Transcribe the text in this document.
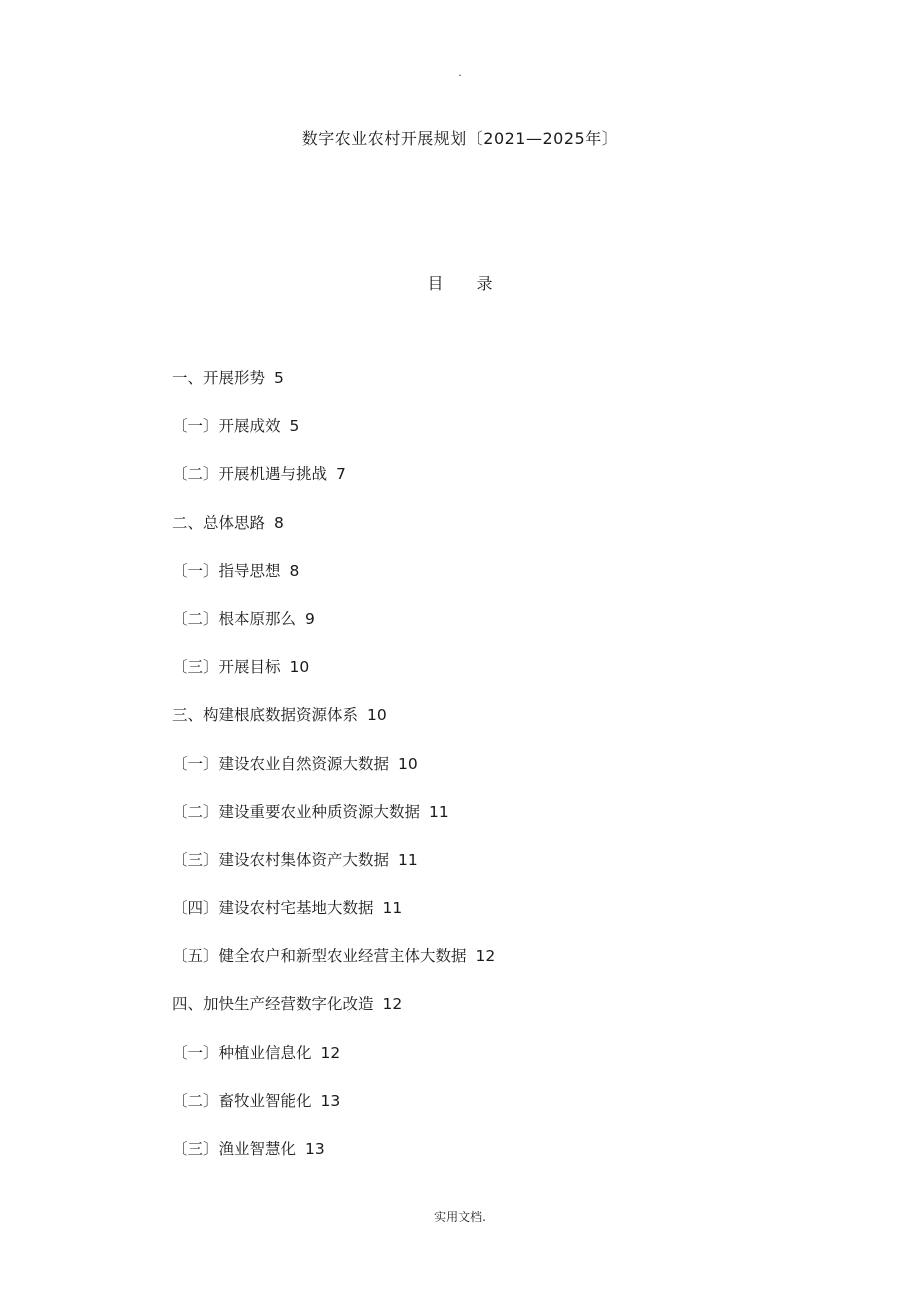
.
数字农业农村开展规划〔2021—2025年〕
目 录
一、开展形势 5
〔一〕开展成效 5
〔二〕开展机遇与挑战 7
二、总体思路 8
〔一〕指导思想 8
〔二〕根本原那么 9
〔三〕开展目标 10
三、构建根底数据资源体系 10
〔一〕建设农业自然资源大数据 10
〔二〕建设重要农业种质资源大数据 11
〔三〕建设农村集体资产大数据 11
〔四〕建设农村宅基地大数据 11
〔五〕健全农户和新型农业经营主体大数据 12
四、加快生产经营数字化改造 12
〔一〕种植业信息化 12
〔二〕畜牧业智能化 13
〔三〕渔业智慧化 13
实用文档.
